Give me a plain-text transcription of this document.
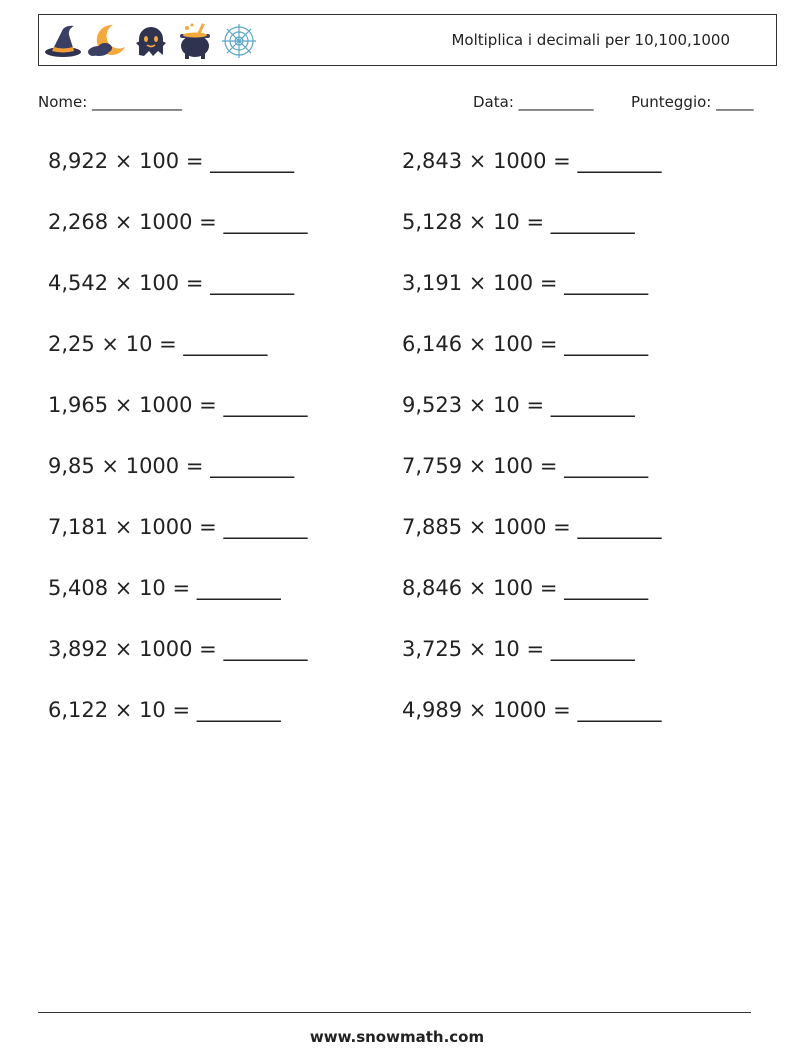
Moltiplica i decimali per 10,100,1000
Nome: ____________	Data: __________ Punteggio: _____
8,922 × 100 = ________
2,268 × 1000 = ________
4,542 × 100 = ________
2,25 × 10 = ________
1,965 × 1000 = ________
9,85 × 1000 = ________
7,181 × 1000 = ________
5,408 × 10 = ________
3,892 × 1000 = ________
6,122 × 10 = ________
2,843 × 1000 = ________
5,128 × 10 = ________
3,191 × 100 = ________
6,146 × 100 = ________
9,523 × 10 = ________
7,759 × 100 = ________
7,885 × 1000 = ________
8,846 × 100 = ________
3,725 × 10 = ________
4,989 × 1000 = ________
www.snowmath.com
